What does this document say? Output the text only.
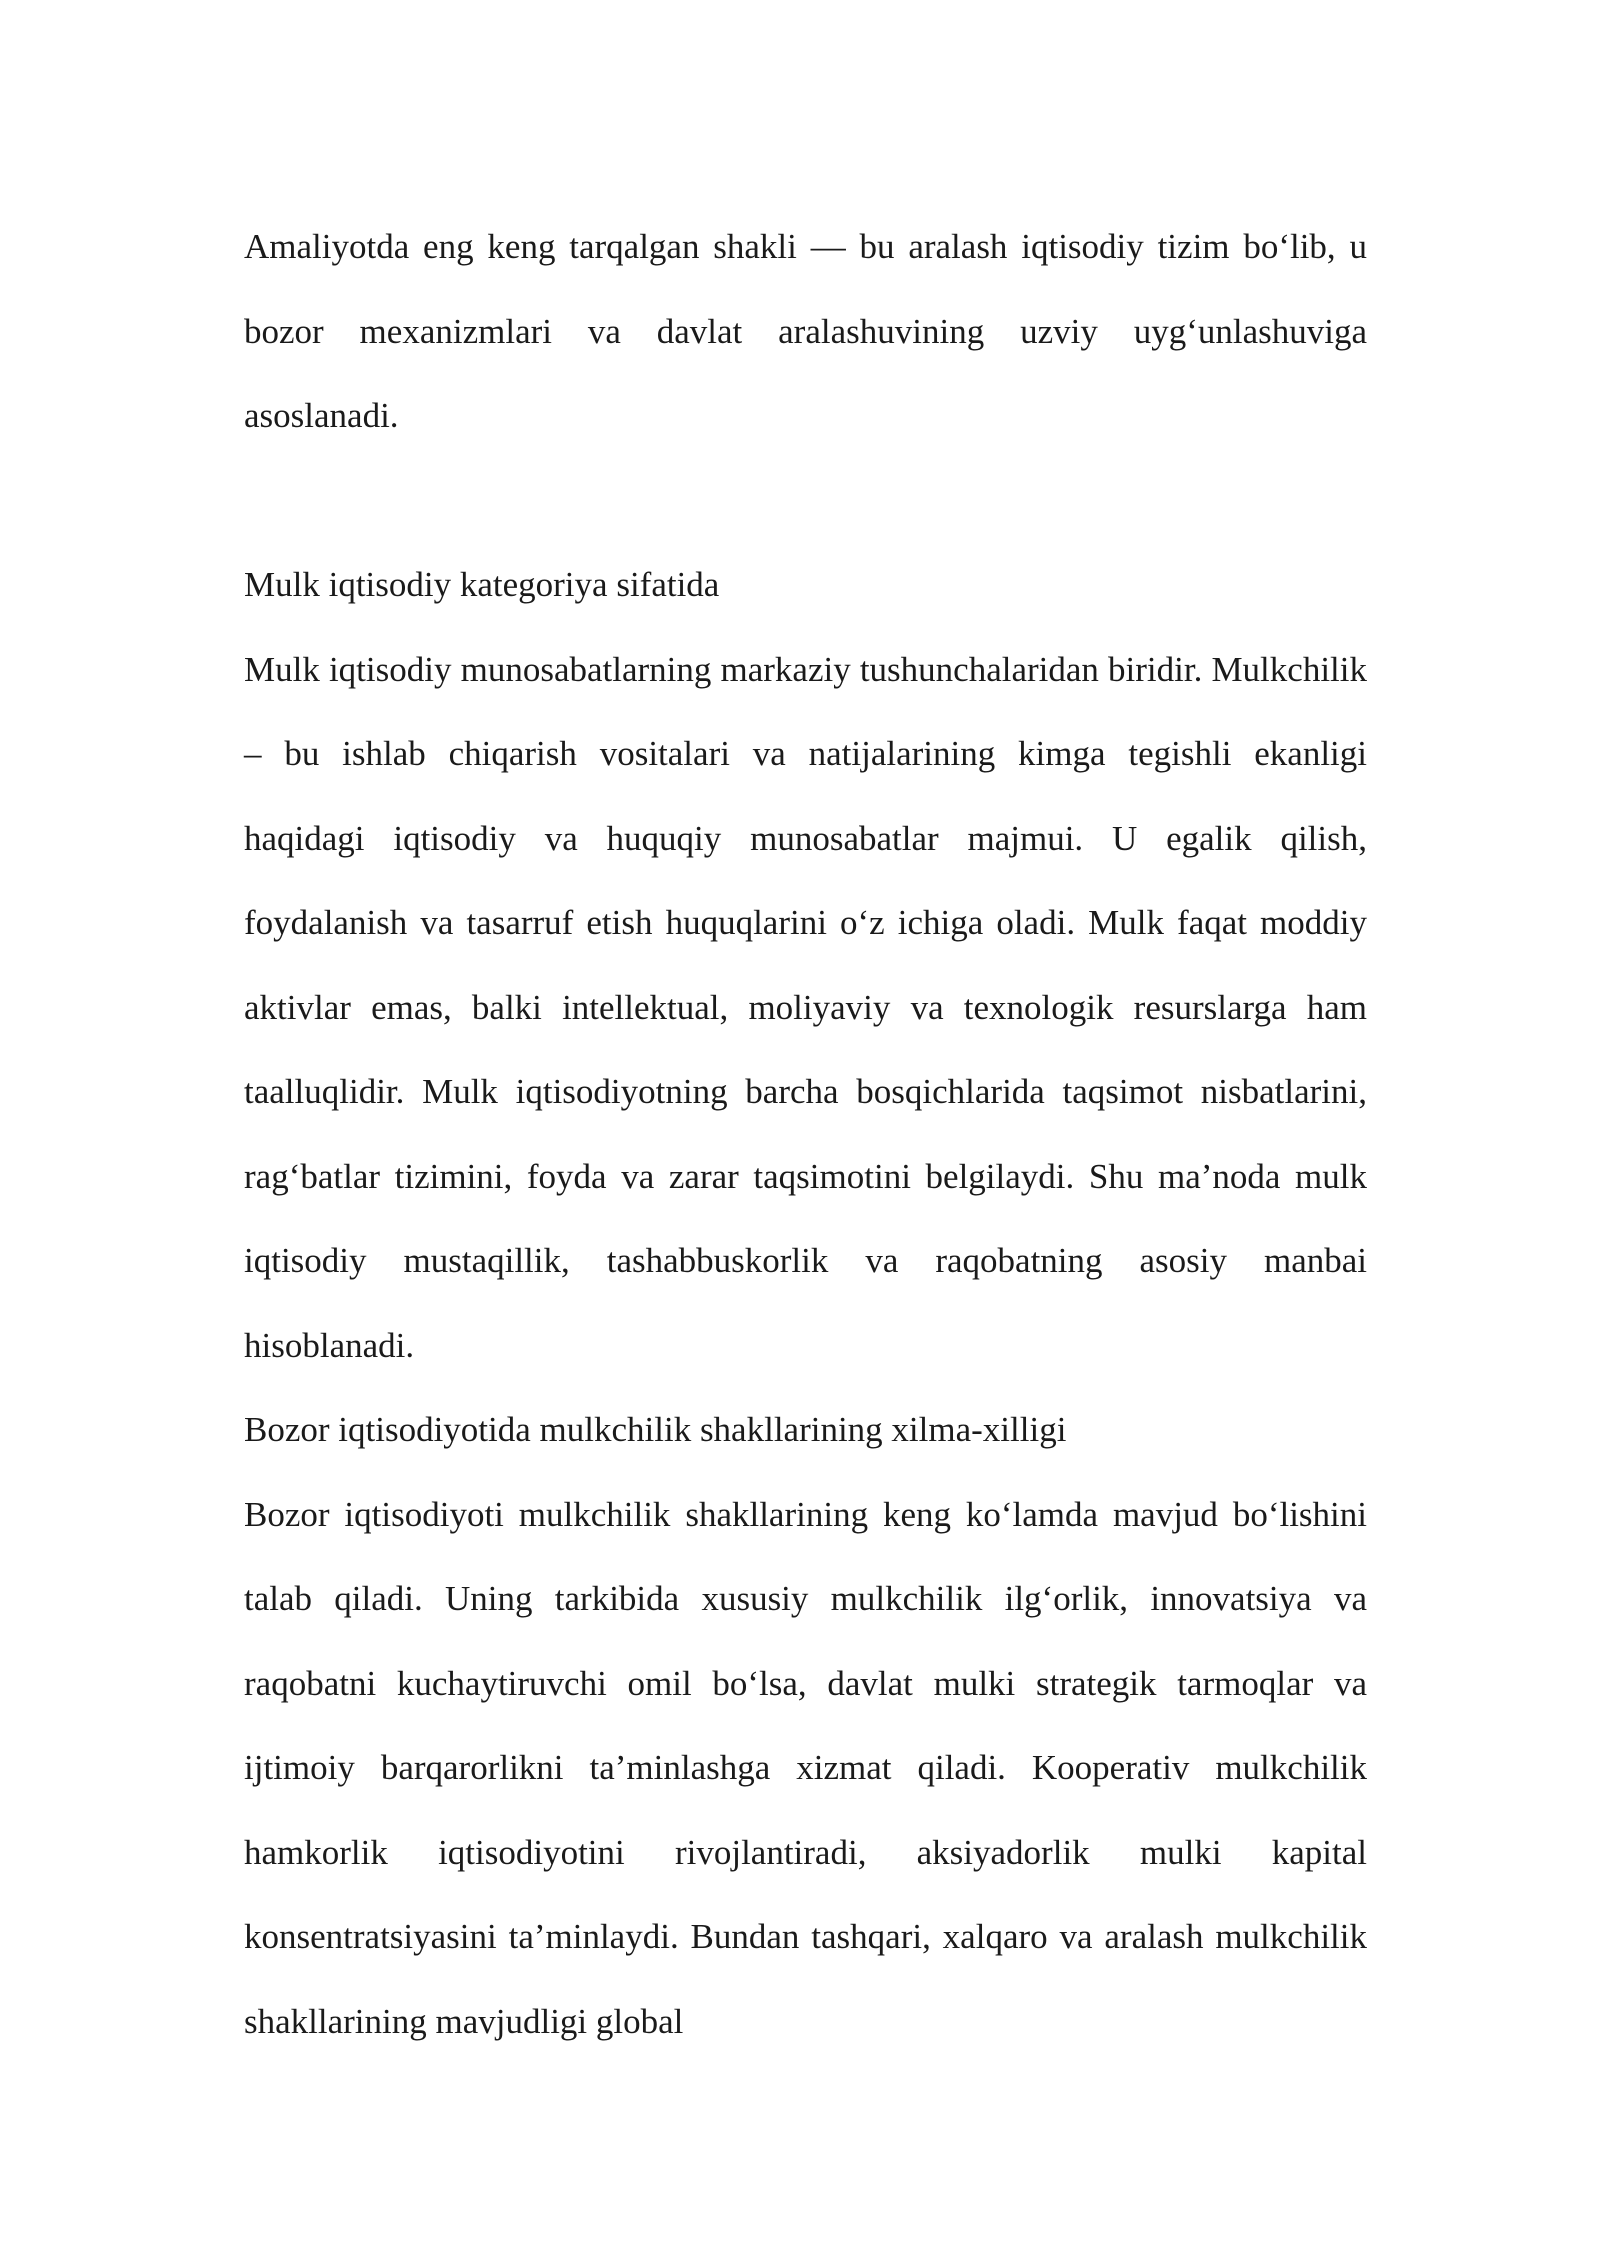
Amaliyotda eng keng tarqalgan shakli — bu aralash iqtisodiy tizim bo‘lib, u bozor mexanizmlari va davlat aralashuvining uzviy uyg‘unlashuviga asoslanadi.

Mulk iqtisodiy kategoriya sifatida

Mulk iqtisodiy munosabatlarning markaziy tushunchalaridan biridir. Mulkchilik – bu ishlab chiqarish vositalari va natijalarining kimga tegishli ekanligi haqidagi iqtisodiy va huquqiy munosabatlar majmui. U egalik qilish, foydalanish va tasarruf etish huquqlarini o‘z ichiga oladi. Mulk faqat moddiy aktivlar emas, balki intellektual, moliyaviy va texnologik resurslarga ham taalluqlidir. Mulk iqtisodiyotning barcha bosqichlarida taqsimot nisbatlarini, rag‘batlar tizimini, foyda va zarar taqsimotini belgilaydi. Shu ma’noda mulk iqtisodiy mustaqillik, tashabbuskorlik va raqobatning asosiy manbai hisoblanadi.

Bozor iqtisodiyotida mulkchilik shakllarining xilma-xilligi

Bozor iqtisodiyoti mulkchilik shakllarining keng ko‘lamda mavjud bo‘lishini talab qiladi. Uning tarkibida xususiy mulkchilik ilg‘orlik, innovatsiya va raqobatni kuchaytiruvchi omil bo‘lsa, davlat mulki strategik tarmoqlar va ijtimoiy barqarorlikni ta’minlashga xizmat qiladi. Kooperativ mulkchilik hamkorlik iqtisodiyotini rivojlantiradi, aksiyadorlik mulki kapital konsentratsiyasini ta’minlaydi. Bundan tashqari, xalqaro va aralash mulkchilik shakllarining mavjudligi global
